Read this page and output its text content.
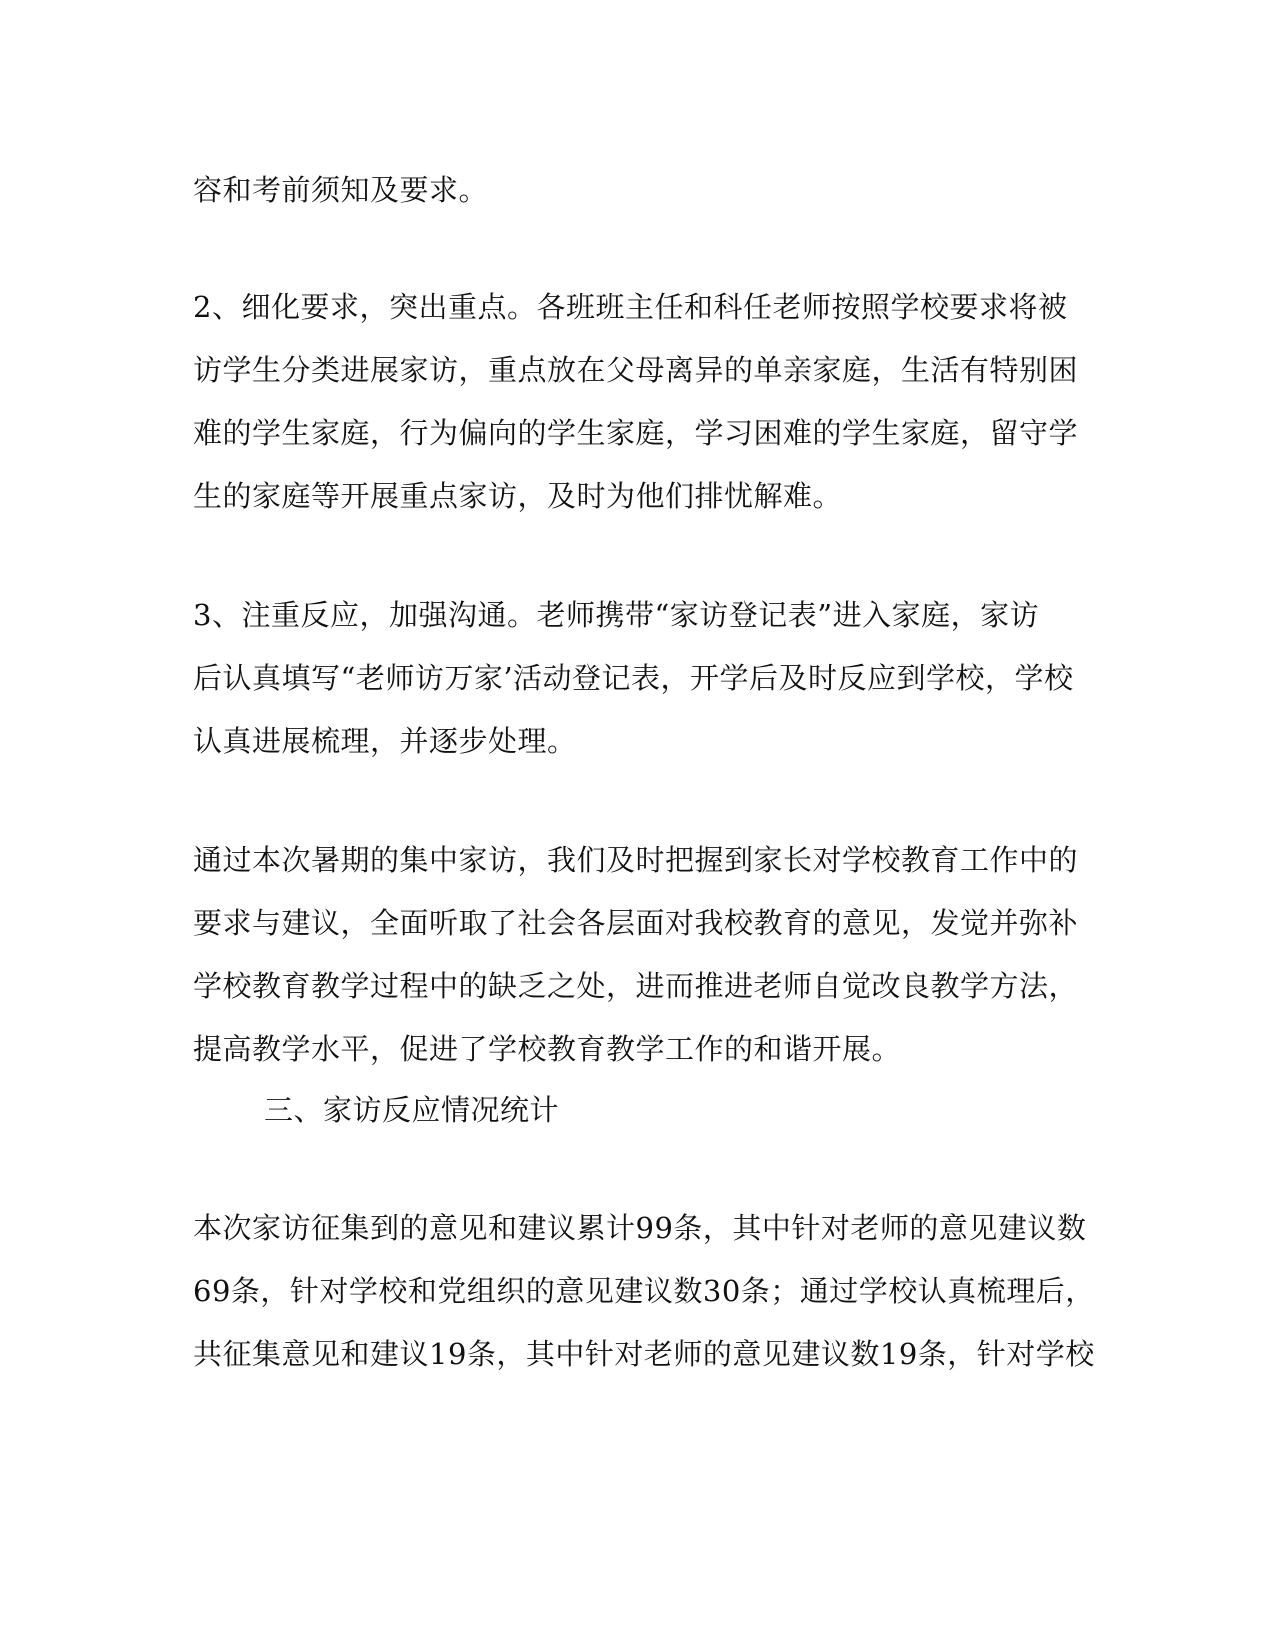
容和考前须知及要求。
2、细化要求，突出重点。各班班主任和科任老师按照学校要求将被
访学生分类进展家访，重点放在父母离异的单亲家庭，生活有特别困
难的学生家庭，行为偏向的学生家庭，学习困难的学生家庭，留守学
生的家庭等开展重点家访，及时为他们排忧解难。
3、注重反应，加强沟通。老师携带“家访登记表”进入家庭，家访
后认真填写“老师访万家’活动登记表，开学后及时反应到学校，学校
认真进展梳理，并逐步处理。
通过本次暑期的集中家访，我们及时把握到家长对学校教育工作中的
要求与建议，全面听取了社会各层面对我校教育的意见，发觉并弥补
学校教育教学过程中的缺乏之处，进而推进老师自觉改良教学方法，
提高教学水平，促进了学校教育教学工作的和谐开展。
三、家访反应情况统计
本次家访征集到的意见和建议累计99条，其中针对老师的意见建议数
69条，针对学校和党组织的意见建议数30条；通过学校认真梳理后，
共征集意见和建议19条，其中针对老师的意见建议数19条，针对学校
